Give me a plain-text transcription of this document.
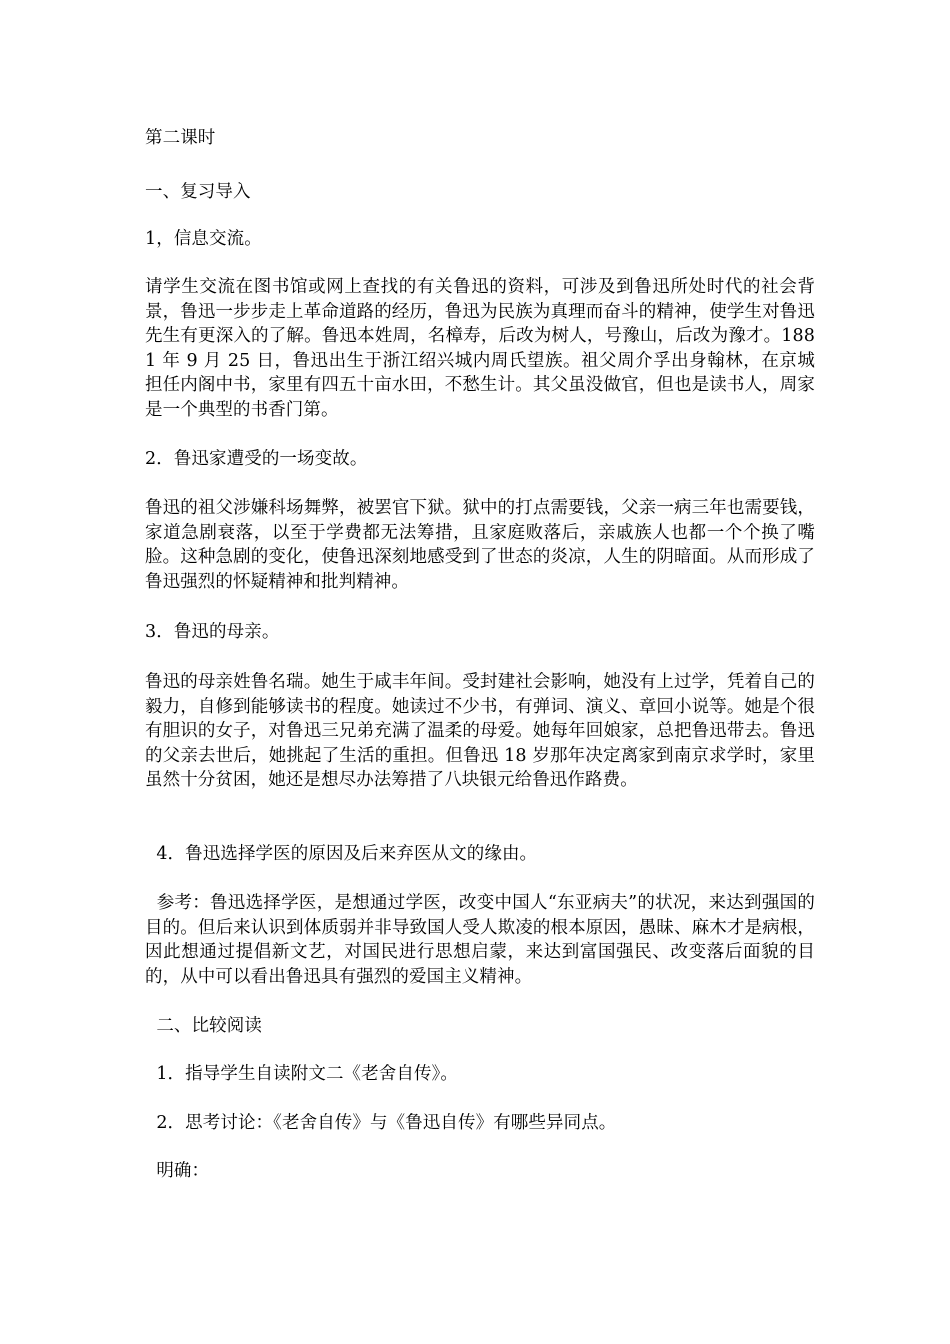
第二课时

一、复习导入

1，信息交流。

请学生交流在图书馆或网上查找的有关鲁迅的资料，可涉及到鲁迅所处时代的社会背景，鲁迅一步步走上革命道路的经历，鲁迅为民族为真理而奋斗的精神，使学生对鲁迅先生有更深入的了解。鲁迅本姓周，名樟寿，后改为树人，号豫山，后改为豫才。1881 年 9 月 25 日，鲁迅出生于浙江绍兴城内周氏望族。祖父周介孚出身翰林，在京城担任内阁中书，家里有四五十亩水田，不愁生计。其父虽没做官，但也是读书人，周家是一个典型的书香门第。

2．鲁迅家遭受的一场变故。

鲁迅的祖父涉嫌科场舞弊，被罢官下狱。狱中的打点需要钱，父亲一病三年也需要钱，家道急剧衰落，以至于学费都无法筹措，且家庭败落后，亲戚族人也都一个个换了嘴脸。这种急剧的变化，使鲁迅深刻地感受到了世态的炎凉，人生的阴暗面。从而形成了鲁迅强烈的怀疑精神和批判精神。

3．鲁迅的母亲。

鲁迅的母亲姓鲁名瑞。她生于咸丰年间。受封建社会影响，她没有上过学，凭着自己的毅力，自修到能够读书的程度。她读过不少书，有弹词、演义、章回小说等。她是个很有胆识的女子，对鲁迅三兄弟充满了温柔的母爱。她每年回娘家，总把鲁迅带去。鲁迅的父亲去世后，她挑起了生活的重担。但鲁迅 18 岁那年决定离家到南京求学时，家里虽然十分贫困，她还是想尽办法筹措了八块银元给鲁迅作路费。

4．鲁迅选择学医的原因及后来弃医从文的缘由。

参考：鲁迅选择学医，是想通过学医，改变中国人“东亚病夫”的状况，来达到强国的目的。但后来认识到体质弱并非导致国人受人欺凌的根本原因，愚昧、麻木才是病根，因此想通过提倡新文艺，对国民进行思想启蒙，来达到富国强民、改变落后面貌的目的，从中可以看出鲁迅具有强烈的爱国主义精神。

二、比较阅读

1．指导学生自读附文二《老舍自传》。

2．思考讨论：《老舍自传》与《鲁迅自传》有哪些异同点。

明确：
